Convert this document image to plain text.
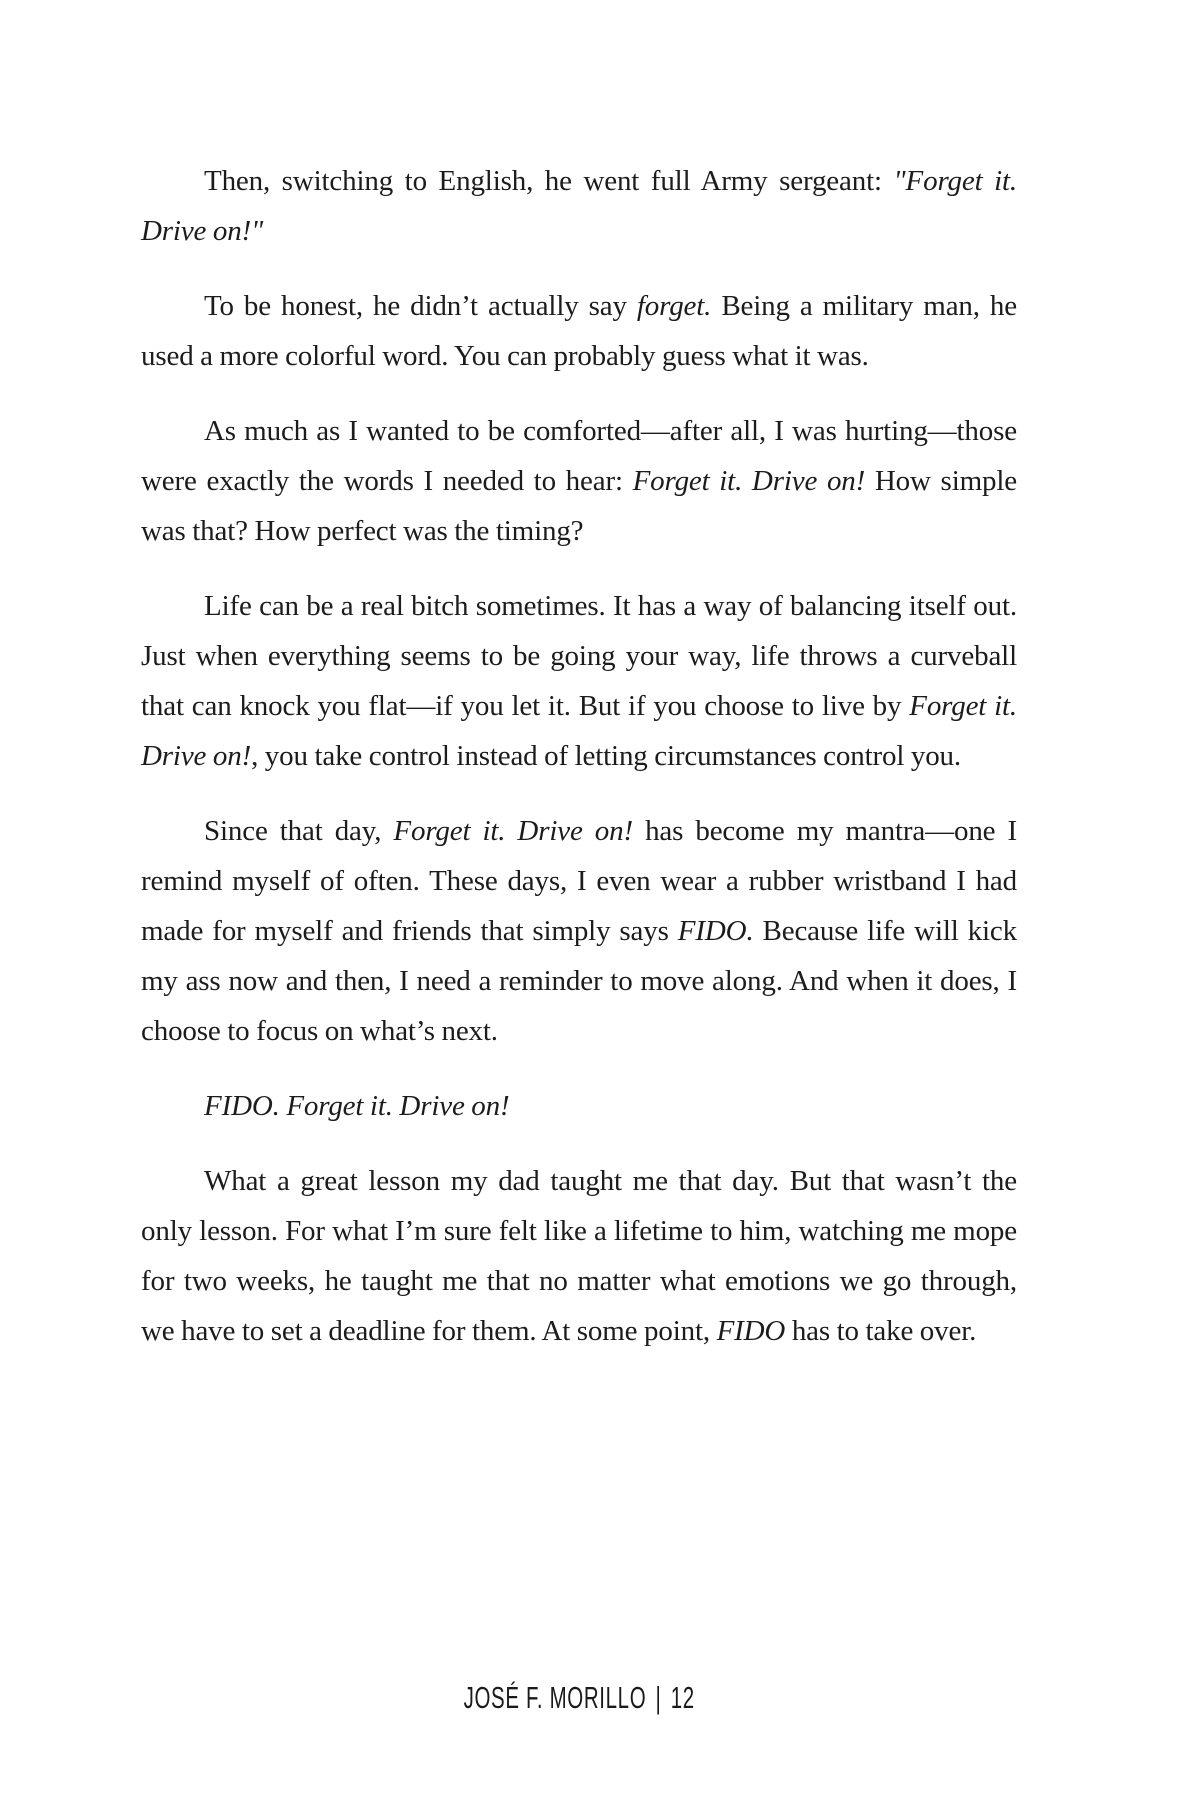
Then, switching to English, he went full Army sergeant: "Forget it. Drive on!"

To be honest, he didn’t actually say forget. Being a military man, he used a more colorful word. You can probably guess what it was.

As much as I wanted to be comforted—after all, I was hurting—those were exactly the words I needed to hear: Forget it. Drive on! How simple was that? How perfect was the timing?

Life can be a real bitch sometimes. It has a way of balancing itself out. Just when everything seems to be going your way, life throws a curveball that can knock you flat—if you let it. But if you choose to live by Forget it. Drive on!, you take control instead of letting circumstances control you.

Since that day, Forget it. Drive on! has become my mantra—one I remind myself of often. These days, I even wear a rubber wristband I had made for myself and friends that simply says FIDO. Because life will kick my ass now and then, I need a reminder to move along. And when it does, I choose to focus on what’s next.

FIDO. Forget it. Drive on!

What a great lesson my dad taught me that day. But that wasn’t the only lesson. For what I’m sure felt like a lifetime to him, watching me mope for two weeks, he taught me that no matter what emotions we go through, we have to set a deadline for them. At some point, FIDO has to take over.

JOSÉ F. MORILLO | 12
